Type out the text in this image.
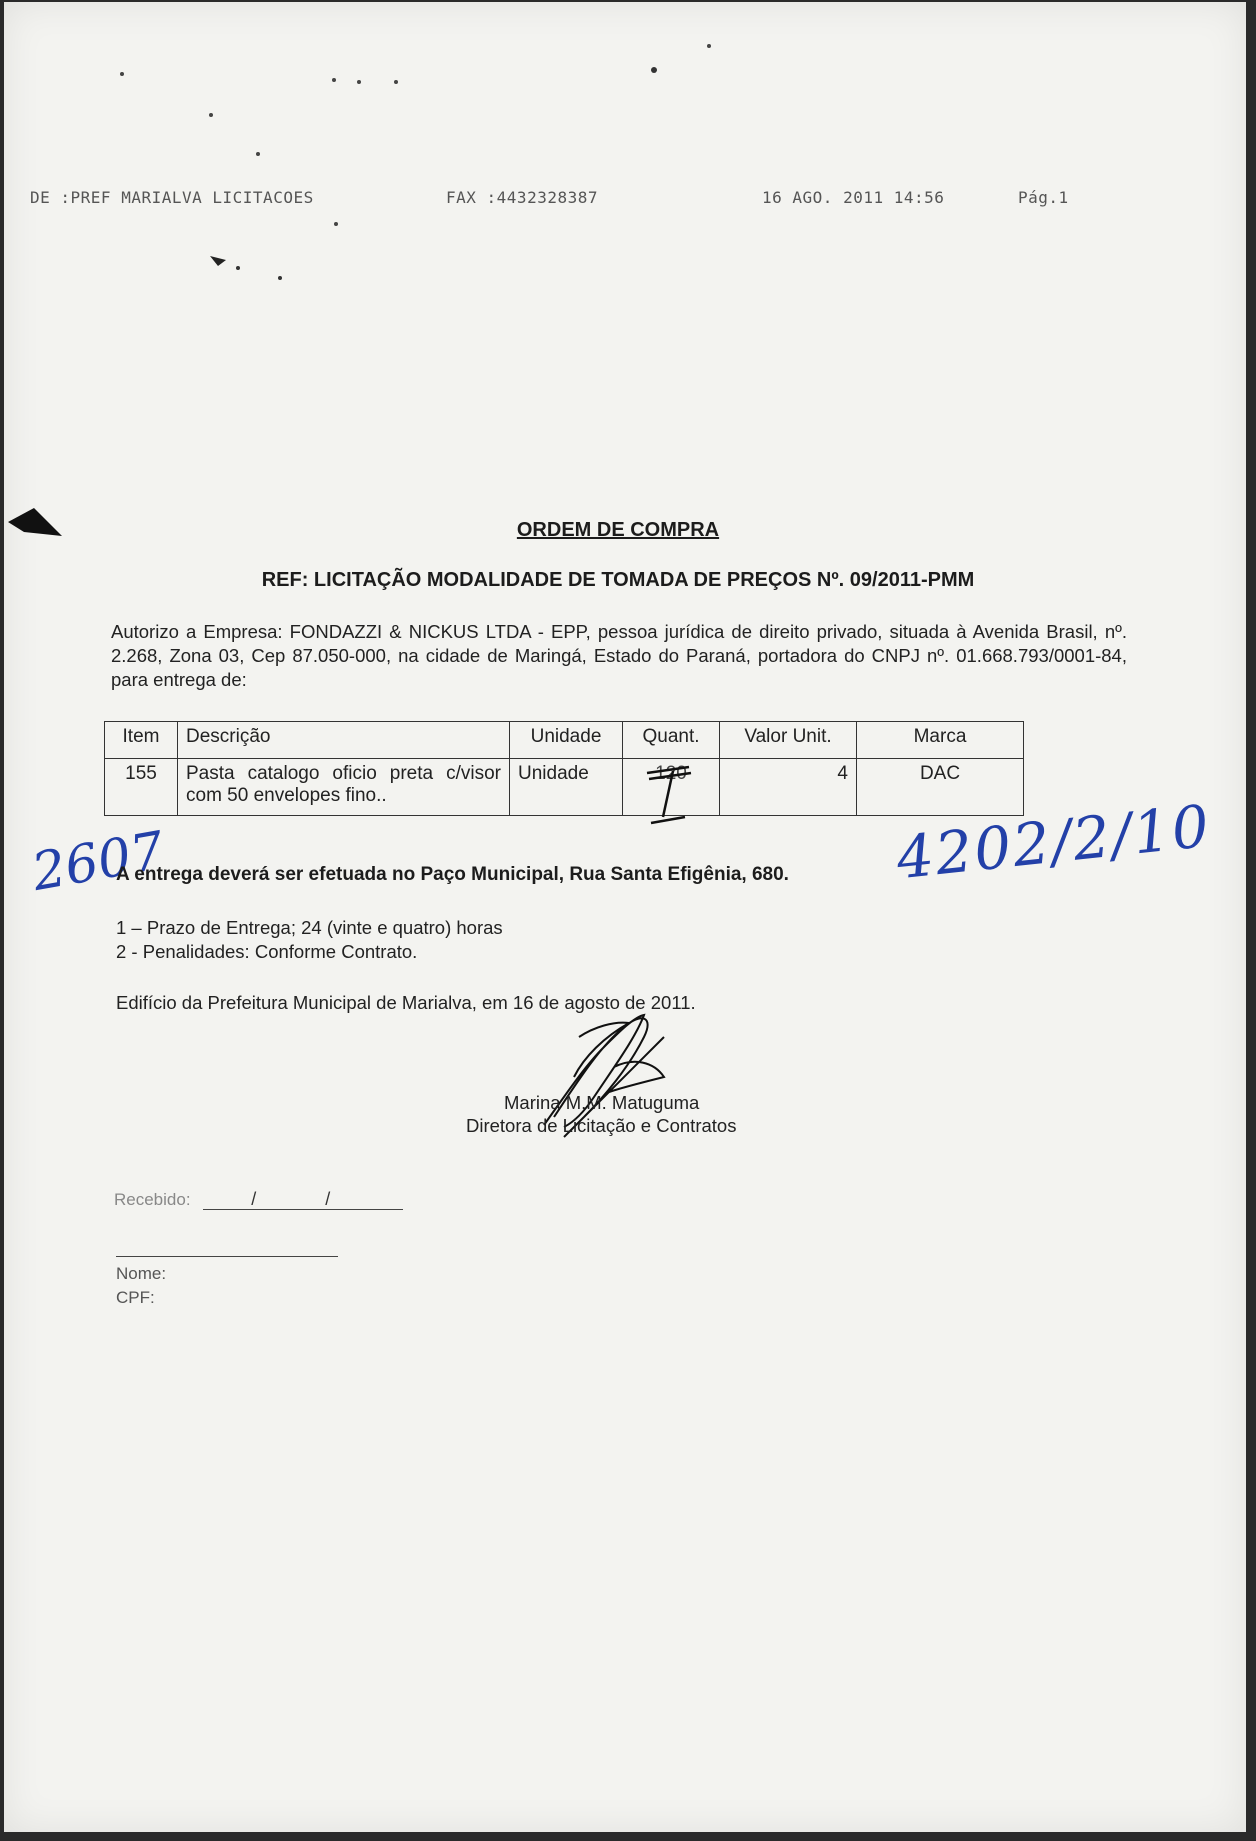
DE :PREF MARIALVA LICITACOES	FAX :4432328387	16 AGO. 2011 14:56	Pág.1
ORDEM DE COMPRA
REF: LICITAÇÃO MODALIDADE DE TOMADA DE PREÇOS Nº. 09/2011-PMM
Autorizo a Empresa: FONDAZZI & NICKUS LTDA - EPP, pessoa jurídica de direito privado, situada à Avenida Brasil, nº. 2.268, Zona 03, Cep 87.050-000, na cidade de Maringá, Estado do Paraná, portadora do CNPJ nº. 01.668.793/0001-84, para entrega de:
Item	Descrição	Unidade	Quant.	Valor Unit.	Marca
155	Pasta catalogo oficio preta c/visor com 50 envelopes fino..	Unidade	120	4	DAC
2607	4202/2/10
A entrega deverá ser efetuada no Paço Municipal, Rua Santa Efigênia, 680.
1 – Prazo de Entrega; 24 (vinte e quatro) horas
2 - Penalidades: Conforme Contrato.
Edifício da Prefeitura Municipal de Marialva, em 16 de agosto de 2011.
Marina M.M. Matuguma
Diretora de Licitação e Contratos
Recebido:	/	/
Nome:
CPF:
